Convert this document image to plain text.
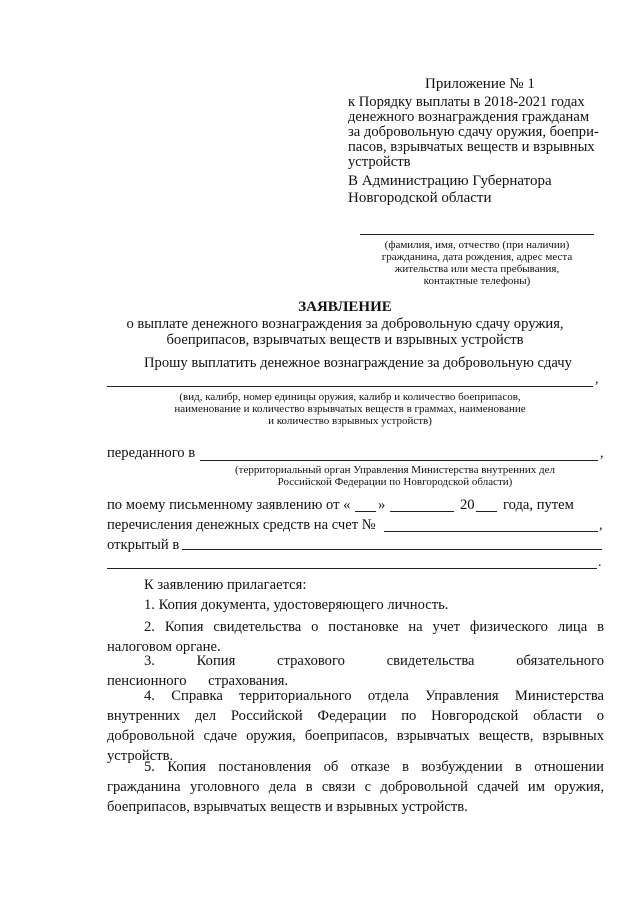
Приложение № 1
к Порядку выплаты в 2018-2021 годах
денежного вознаграждения гражданам
за добровольную сдачу оружия, боепри-
пасов, взрывчатых веществ и взрывных
устройств
В Администрацию Губернатора
Новгородской области
(фамилия, имя, отчество (при наличии)
гражданина, дата рождения, адрес места
жительства или места пребывания,
контактные телефоны)
ЗАЯВЛЕНИЕ
о выплате денежного вознаграждения за добровольную сдачу оружия,
боеприпасов, взрывчатых веществ и взрывных устройств
Прошу выплатить денежное вознаграждение за добровольную сдачу
,
(вид, калибр, номер единицы оружия, калибр и количество боеприпасов,
наименование и количество взрывчатых веществ в граммах, наименование
и количество взрывных устройств)
переданного в	,
(территориальный орган Управления Министерства внутренних дел
Российской Федерации по Новгородской области)
по моему письменному заявлению от « »	20 года, путем
перечисления денежных средств на счет №	,
открытый в
.
К заявлению прилагается:
1. Копия документа, удостоверяющего личность.
2. Копия свидетельства о постановке на учет физического лица в налоговом органе.
3. Копия страхового свидетельства обязательного пенсионного страхования.
4. Справка территориального отдела Управления Министерства внутренних дел Российской Федерации по Новгородской области о добровольной сдаче оружия, боеприпасов, взрывчатых веществ, взрывных устройств.
5. Копия постановления об отказе в возбуждении в отношении гражданина уголовного дела в связи с добровольной сдачей им оружия, боеприпасов, взрывчатых веществ и взрывных устройств.
